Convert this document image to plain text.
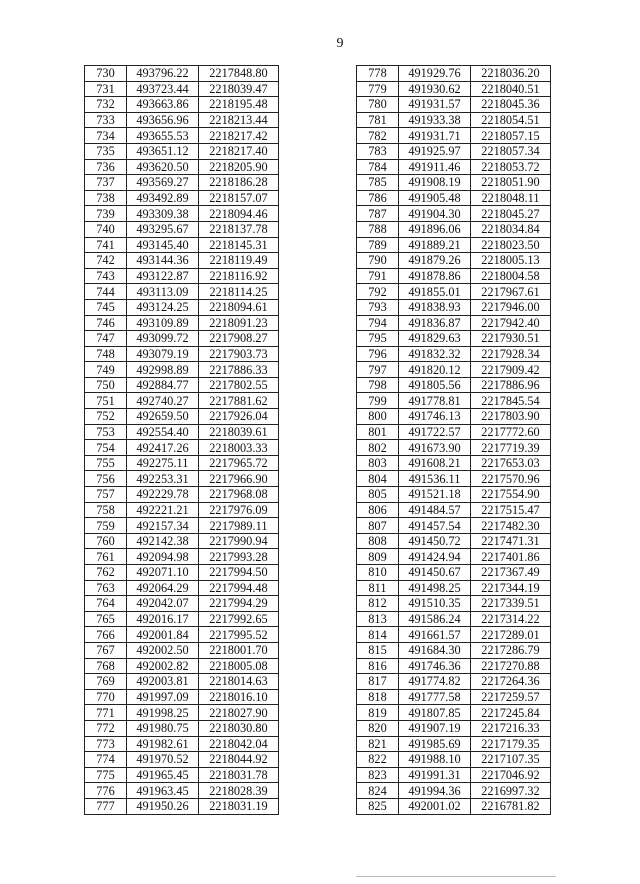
9
730	493796.22	2217848.80
731	493723.44	2218039.47
732	493663.86	2218195.48
733	493656.96	2218213.44
734	493655.53	2218217.42
735	493651.12	2218217.40
736	493620.50	2218205.90
737	493569.27	2218186.28
738	493492.89	2218157.07
739	493309.38	2218094.46
740	493295.67	2218137.78
741	493145.40	2218145.31
742	493144.36	2218119.49
743	493122.87	2218116.92
744	493113.09	2218114.25
745	493124.25	2218094.61
746	493109.89	2218091.23
747	493099.72	2217908.27
748	493079.19	2217903.73
749	492998.89	2217886.33
750	492884.77	2217802.55
751	492740.27	2217881.62
752	492659.50	2217926.04
753	492554.40	2218039.61
754	492417.26	2218003.33
755	492275.11	2217965.72
756	492253.31	2217966.90
757	492229.78	2217968.08
758	492221.21	2217976.09
759	492157.34	2217989.11
760	492142.38	2217990.94
761	492094.98	2217993.28
762	492071.10	2217994.50
763	492064.29	2217994.48
764	492042.07	2217994.29
765	492016.17	2217992.65
766	492001.84	2217995.52
767	492002.50	2218001.70
768	492002.82	2218005.08
769	492003.81	2218014.63
770	491997.09	2218016.10
771	491998.25	2218027.90
772	491980.75	2218030.80
773	491982.61	2218042.04
774	491970.52	2218044.92
775	491965.45	2218031.78
776	491963.45	2218028.39
777	491950.26	2218031.19
778	491929.76	2218036.20
779	491930.62	2218040.51
780	491931.57	2218045.36
781	491933.38	2218054.51
782	491931.71	2218057.15
783	491925.97	2218057.34
784	491911.46	2218053.72
785	491908.19	2218051.90
786	491905.48	2218048.11
787	491904.30	2218045.27
788	491896.06	2218034.84
789	491889.21	2218023.50
790	491879.26	2218005.13
791	491878.86	2218004.58
792	491855.01	2217967.61
793	491838.93	2217946.00
794	491836.87	2217942.40
795	491829.63	2217930.51
796	491832.32	2217928.34
797	491820.12	2217909.42
798	491805.56	2217886.96
799	491778.81	2217845.54
800	491746.13	2217803.90
801	491722.57	2217772.60
802	491673.90	2217719.39
803	491608.21	2217653.03
804	491536.11	2217570.96
805	491521.18	2217554.90
806	491484.57	2217515.47
807	491457.54	2217482.30
808	491450.72	2217471.31
809	491424.94	2217401.86
810	491450.67	2217367.49
811	491498.25	2217344.19
812	491510.35	2217339.51
813	491586.24	2217314.22
814	491661.57	2217289.01
815	491684.30	2217286.79
816	491746.36	2217270.88
817	491774.82	2217264.36
818	491777.58	2217259.57
819	491807.85	2217245.84
820	491907.19	2217216.33
821	491985.69	2217179.35
822	491988.10	2217107.35
823	491991.31	2217046.92
824	491994.36	2216997.32
825	492001.02	2216781.82
